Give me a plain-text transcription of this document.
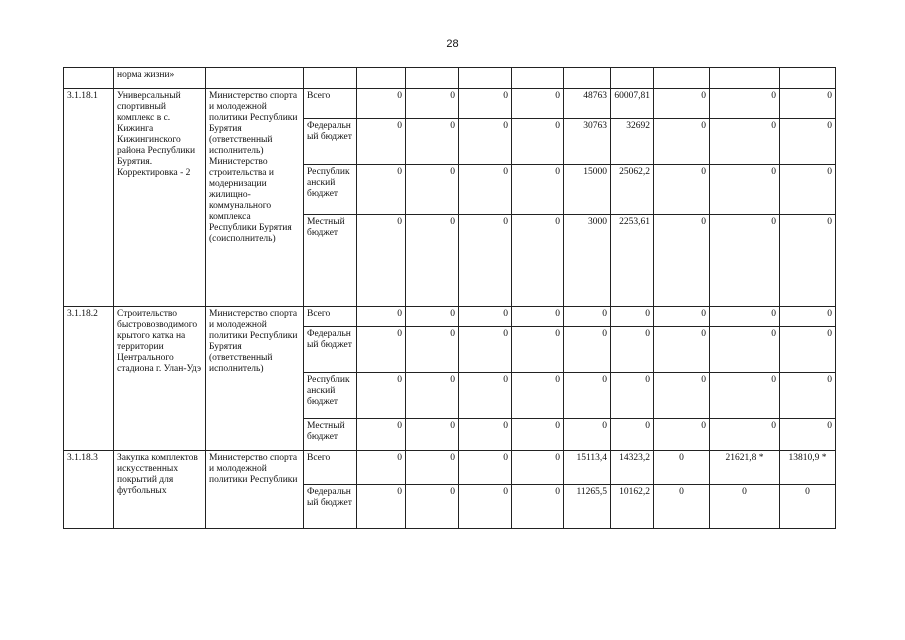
28
	норма жизни»											
3.1.18.1	Универсальный спортивный комплекс в с. Кижинга Кижингинского района Республики Бурятия. Корректировка - 2	Министерство спорта и молодежной политики Республики Бурятия (ответственный исполнитель) Министерство строительства и модернизации жилищно-коммунального комплекса Республики Бурятия (соисполнитель)	Всего	0	0	0	0	48763	60007,81	0	0	0
			Федеральный бюджет	0	0	0	0	30763	32692	0	0	0
			Республиканский бюджет	0	0	0	0	15000	25062,2	0	0	0
			Местный бюджет	0	0	0	0	3000	2253,61	0	0	0
3.1.18.2	Строительство быстровозводимого крытого катка на территории Центрального стадиона г. Улан-Удэ	Министерство спорта и молодежной политики Республики Бурятия (ответственный исполнитель)	Всего	0	0	0	0	0	0	0	0	0
			Федеральный бюджет	0	0	0	0	0	0	0	0	0
			Республиканский бюджет	0	0	0	0	0	0	0	0	0
			Местный бюджет	0	0	0	0	0	0	0	0	0
3.1.18.3	Закупка комплектов искусственных покрытий для футбольных	Министерство спорта и молодежной политики Республики	Всего	0	0	0	0	15113,4	14323,2	0	21621,8 *	13810,9 *
			Федеральный бюджет	0	0	0	0	11265,5	10162,2	0	0	0
